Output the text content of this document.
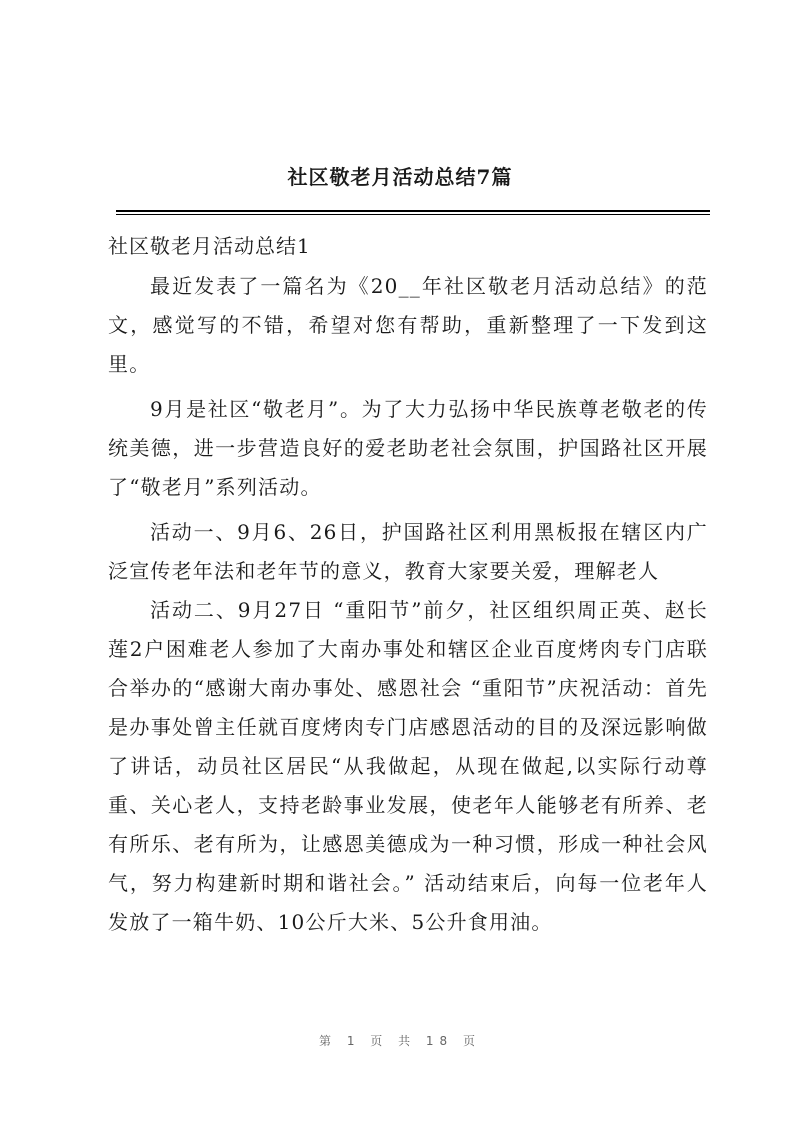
社区敬老月活动总结7篇
社区敬老月活动总结1

最近发表了一篇名为《20__年社区敬老月活动总结》的范文，感觉写的不错，希望对您有帮助，重新整理了一下发到这里。

9月是社区“敬老月”。为了大力弘扬中华民族尊老敬老的传统美德，进一步营造良好的爱老助老社会氛围，护国路社区开展了“敬老月”系列活动。

活动一、9月6、26日，护国路社区利用黑板报在辖区内广泛宣传老年法和老年节的意义，教育大家要关爱，理解老人

活动二、9月27日 “重阳节”前夕，社区组织周正英、赵长莲2户困难老人参加了大南办事处和辖区企业百度烤肉专门店联合举办的“感谢大南办事处、感恩社会 “重阳节”庆祝活动：首先是办事处曾主任就百度烤肉专门店感恩活动的目的及深远影响做了讲话，动员社区居民“从我做起，从现在做起,以实际行动尊重、关心老人，支持老龄事业发展，使老年人能够老有所养、老有所乐、老有所为，让感恩美德成为一种习惯，形成一种社会风气，努力构建新时期和谐社会。” 活动结束后，向每一位老年人发放了一箱牛奶、10公斤大米、5公升食用油。

第 1 页 共 18 页
